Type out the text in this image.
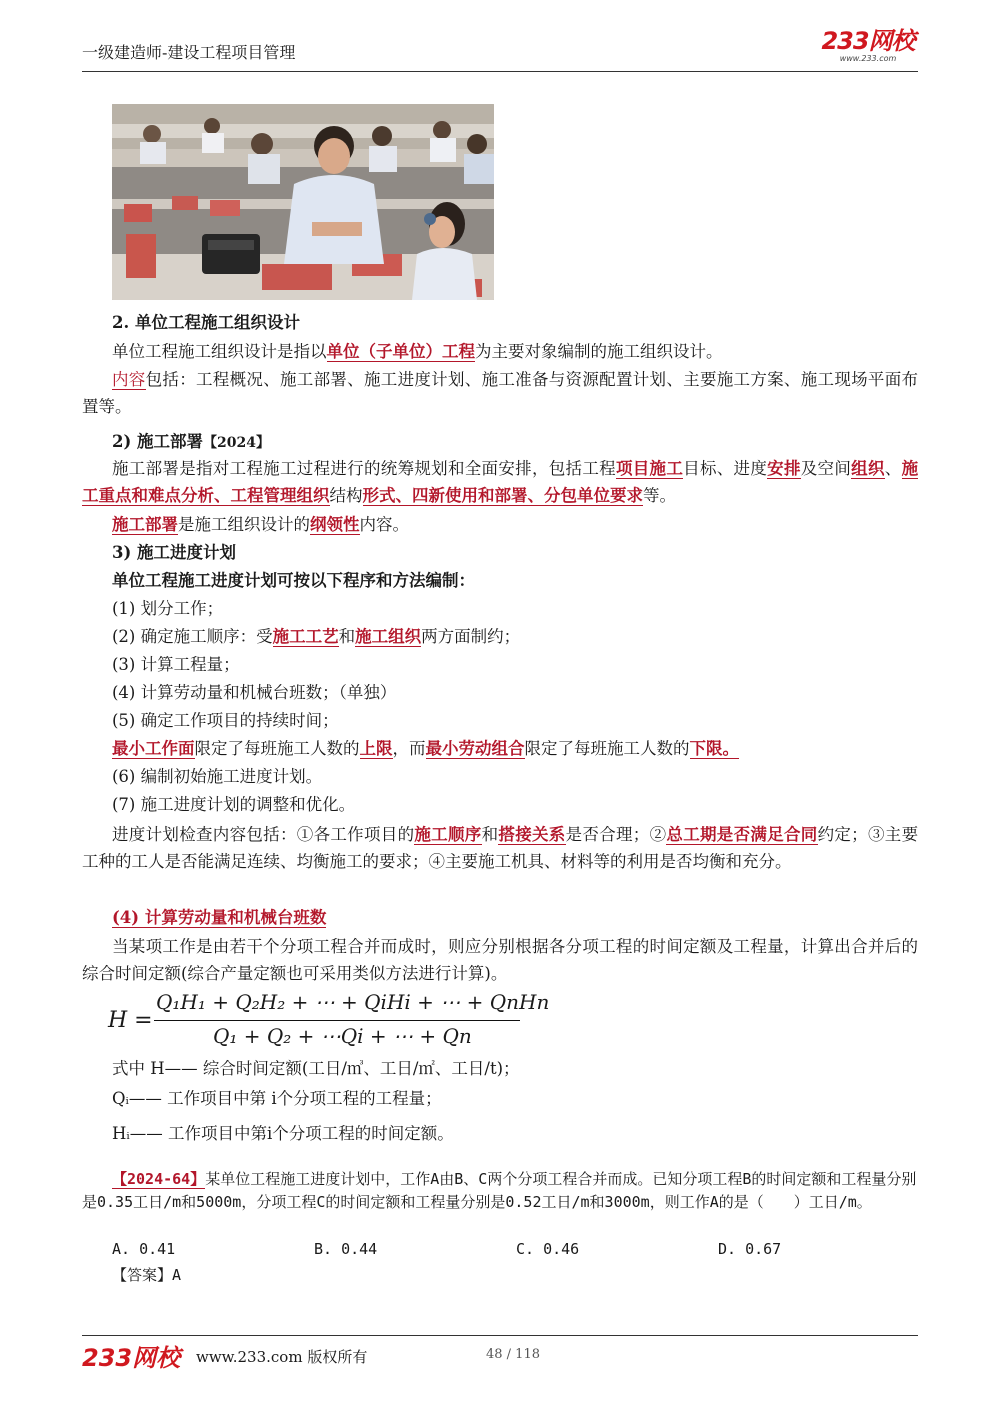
一级建造师-建设工程项目管理	233网校
www.233.com
2. 单位工程施工组织设计
单位工程施工组织设计是指以单位（子单位）工程为主要对象编制的施工组织设计。
内容包括：工程概况、施工部署、施工进度计划、施工准备与资源配置计划、主要施工方案、施工现场平面布置等。
2) 施工部署【2024】
施工部署是指对工程施工过程进行的统筹规划和全面安排，包括工程项目施工目标、进度安排及空间组织、施工重点和难点分析、工程管理组织结构形式、四新使用和部署、分包单位要求等。
施工部署是施工组织设计的纲领性内容。
3) 施工进度计划
单位工程施工进度计划可按以下程序和方法编制：
(1) 划分工作；
(2) 确定施工顺序：受施工工艺和施工组织两方面制约；
(3) 计算工程量；
(4) 计算劳动量和机械台班数；（单独）
(5) 确定工作项目的持续时间；
最小工作面限定了每班施工人数的上限，而最小劳动组合限定了每班施工人数的下限。
(6) 编制初始施工进度计划。
(7) 施工进度计划的调整和优化。
进度计划检查内容包括：①各工作项目的施工顺序和搭接关系是否合理；②总工期是否满足合同约定；③主要工种的工人是否能满足连续、均衡施工的要求；④主要施工机具、材料等的利用是否均衡和充分。
(4) 计算劳动量和机械台班数
当某项工作是由若干个分项工程合并而成时，则应分别根据各分项工程的时间定额及工程量，计算出合并后的综合时间定额(综合产量定额也可采用类似方法进行计算)。
H =
Q₁H₁ + Q₂H₂ + ⋯ + QiHi + ⋯ + QnHn
Q₁ + Q₂ + ⋯Qi + ⋯ + Qn
式中 H—— 综合时间定额(工日/㎥、工日/㎡、工日/t)；
Qᵢ—— 工作项目中第 i个分项工程的工程量；
Hᵢ—— 工作项目中第i个分项工程的时间定额。
【2024-64】某单位工程施工进度计划中，工作A由B、C两个分项工程合并而成。已知分项工程B的时间定额和工程量分别是0.35工日/m和5000m，分项工程C的时间定额和工程量分别是0.52工日/m和3000m，则工作A的是（　　）工日/m。
A. 0.41	B. 0.44	C. 0.46	D. 0.67
【答案】A
233网校 www.233.com 版权所有	48 / 118
